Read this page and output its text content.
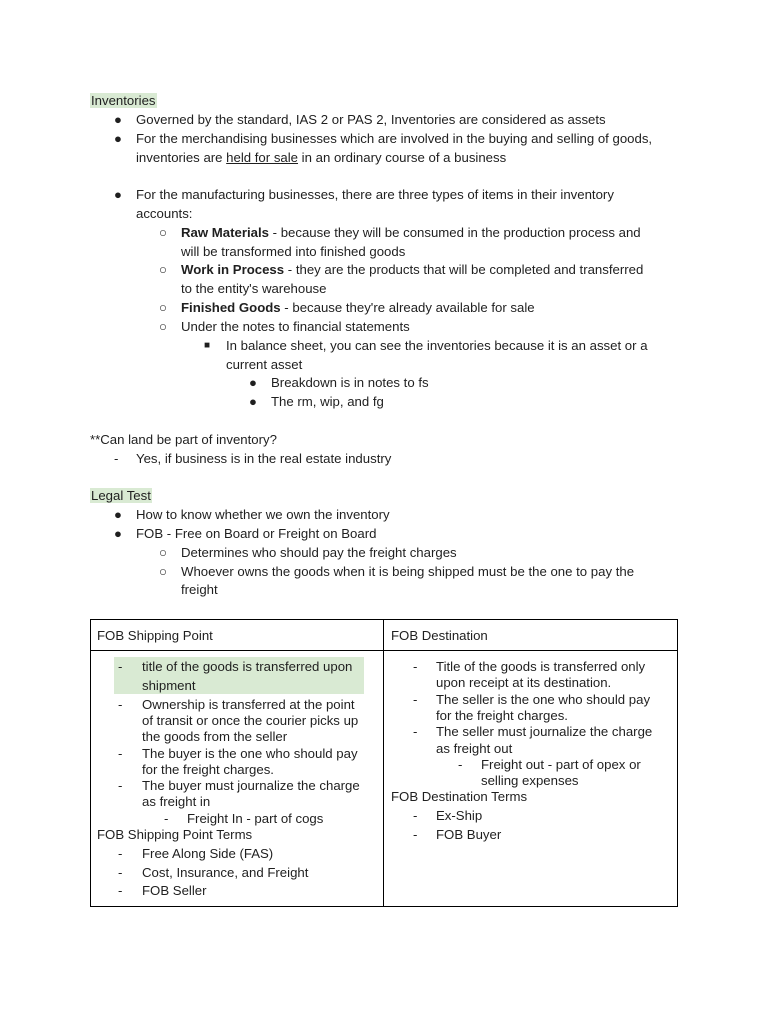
Inventories
● Governed by the standard, IAS 2 or PAS 2, Inventories are considered as assets
● For the merchandising businesses which are involved in the buying and selling of goods,
inventories are held for sale in an ordinary course of a business
● For the manufacturing businesses, there are three types of items in their inventory
accounts:
○ Raw Materials - because they will be consumed in the production process and
will be transformed into finished goods
○ Work in Process - they are the products that will be completed and transferred
to the entity's warehouse
○ Finished Goods - because they're already available for sale
○ Under the notes to financial statements
■ In balance sheet, you can see the inventories because it is an asset or a
current asset
● Breakdown is in notes to fs
● The rm, wip, and fg
**Can land be part of inventory?
- Yes, if business is in the real estate industry
Legal Test
● How to know whether we own the inventory
● FOB - Free on Board or Freight on Board
○ Determines who should pay the freight charges
○ Whoever owns the goods when it is being shipped must be the one to pay the
freight
FOB Shipping Point	FOB Destination
- title of the goods is transferred upon
shipment
- Ownership is transferred at the point
of transit or once the courier picks up
the goods from the seller
- The buyer is the one who should pay
for the freight charges.
- The buyer must journalize the charge
as freight in
- Freight In - part of cogs
FOB Shipping Point Terms
- Free Along Side (FAS)
- Cost, Insurance, and Freight
- FOB Seller
- Title of the goods is transferred only
upon receipt at its destination.
- The seller is the one who should pay
for the freight charges.
- The seller must journalize the charge
as freight out
- Freight out - part of opex or
selling expenses
FOB Destination Terms
- Ex-Ship
- FOB Buyer
